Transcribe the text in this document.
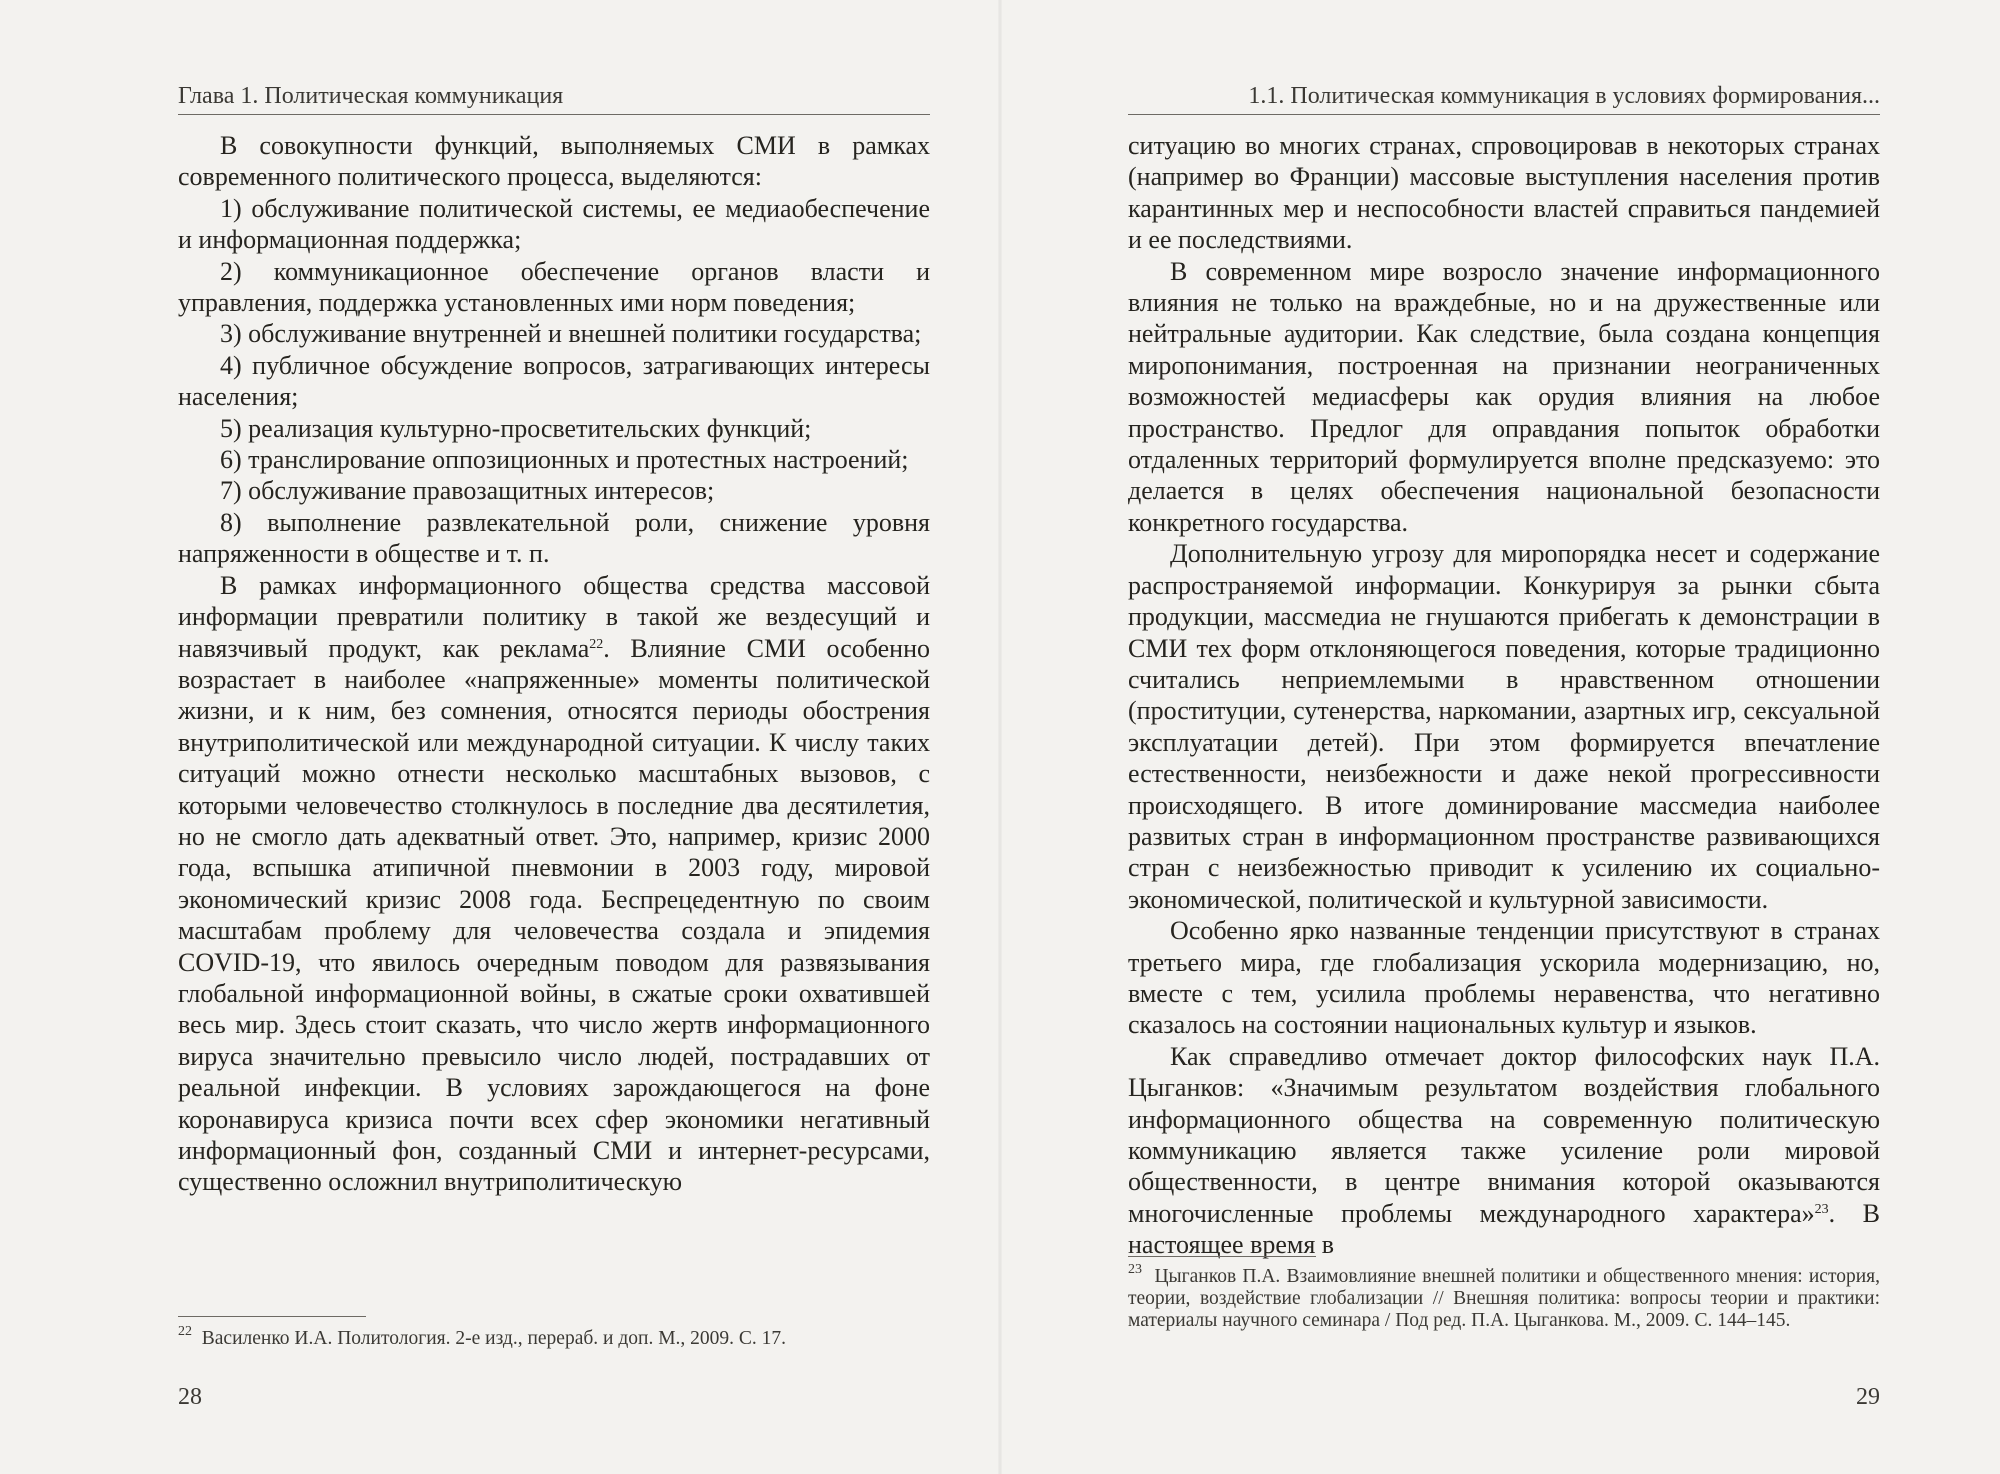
Глава 1. Политическая коммуникация

В совокупности функций, выполняемых СМИ в рамках современного политического процесса, выделяются:

1) обслуживание политической системы, ее медиаобеспечение и информационная поддержка;

2) коммуникационное обеспечение органов власти и управления, поддержка установленных ими норм поведения;

3) обслуживание внутренней и внешней политики государства;

4) публичное обсуждение вопросов, затрагивающих интересы населения;

5) реализация культурно-просветительских функций;

6) транслирование оппозиционных и протестных настроений;

7) обслуживание правозащитных интересов;

8) выполнение развлекательной роли, снижение уровня напряженности в обществе и т. п.

В рамках информационного общества средства массовой информации превратили политику в такой же вездесущий и навязчивый продукт, как реклама$^{22}$. Влияние СМИ особенно возрастает в наиболее «напряженные» моменты политической жизни, и к ним, без сомнения, относятся периоды обострения внутриполитической или международной ситуации. К числу таких ситуаций можно отнести несколько масштабных вызовов, с которыми человечество столкнулось в последние два десятилетия, но не смогло дать адекватный ответ. Это, например, кризис 2000 года, вспышка атипичной пневмонии в 2003 году, мировой экономический кризис 2008 года. Беспрецедентную по своим масштабам проблему для человечества создала и эпидемия COVID-19, что явилось очередным поводом для развязывания глобальной информационной войны, в сжатые сроки охватившей весь мир. Здесь стоит сказать, что число жертв информационного вируса значительно превысило число людей, пострадавших от реальной инфекции. В условиях зарождающегося на фоне коронавируса кризиса почти всех сфер экономики негативный информационный фон, созданный СМИ и интернет-ресурсами, существенно осложнил внутриполитическую

$^{22}$ Василенко И.А. Политология. 2-е изд., перераб. и доп. М., 2009. С. 17.

28
1.1. Политическая коммуникация в условиях формирования...

ситуацию во многих странах, спровоцировав в некоторых странах (например во Франции) массовые выступления населения против карантинных мер и неспособности властей справиться пандемией и ее последствиями.

В современном мире возросло значение информационного влияния не только на враждебные, но и на дружественные или нейтральные аудитории. Как следствие, была создана концепция миропонимания, построенная на признании неограниченных возможностей медиасферы как орудия влияния на любое пространство. Предлог для оправдания попыток обработки отдаленных территорий формулируется вполне предсказуемо: это делается в целях обеспечения национальной безопасности конкретного государства.

Дополнительную угрозу для миропорядка несет и содержание распространяемой информации. Конкурируя за рынки сбыта продукции, массмедиа не гнушаются прибегать к демонстрации в СМИ тех форм отклоняющегося поведения, которые традиционно считались неприемлемыми в нравственном отношении (проституции, сутенерства, наркомании, азартных игр, сексуальной эксплуатации детей). При этом формируется впечатление естественности, неизбежности и даже некой прогрессивности происходящего. В итоге доминирование массмедиа наиболее развитых стран в информационном пространстве развивающихся стран с неизбежностью приводит к усилению их социально-экономической, политической и культурной зависимости.

Особенно ярко названные тенденции присутствуют в странах третьего мира, где глобализация ускорила модернизацию, но, вместе с тем, усилила проблемы неравенства, что негативно сказалось на состоянии национальных культур и языков.

Как справедливо отмечает доктор философских наук П.А. Цыганков: «Значимым результатом воздействия глобального информационного общества на современную политическую коммуникацию является также усиление роли мировой общественности, в центре внимания которой оказываются многочисленные проблемы международного характера»$^{23}$. В настоящее время в

$^{23}$ Цыганков П.А. Взаимовлияние внешней политики и общественного мнения: история, теории, воздействие глобализации // Внешняя политика: вопросы теории и практики: материалы научного семинара / Под ред. П.А. Цыганкова. М., 2009. С. 144–145.

29
